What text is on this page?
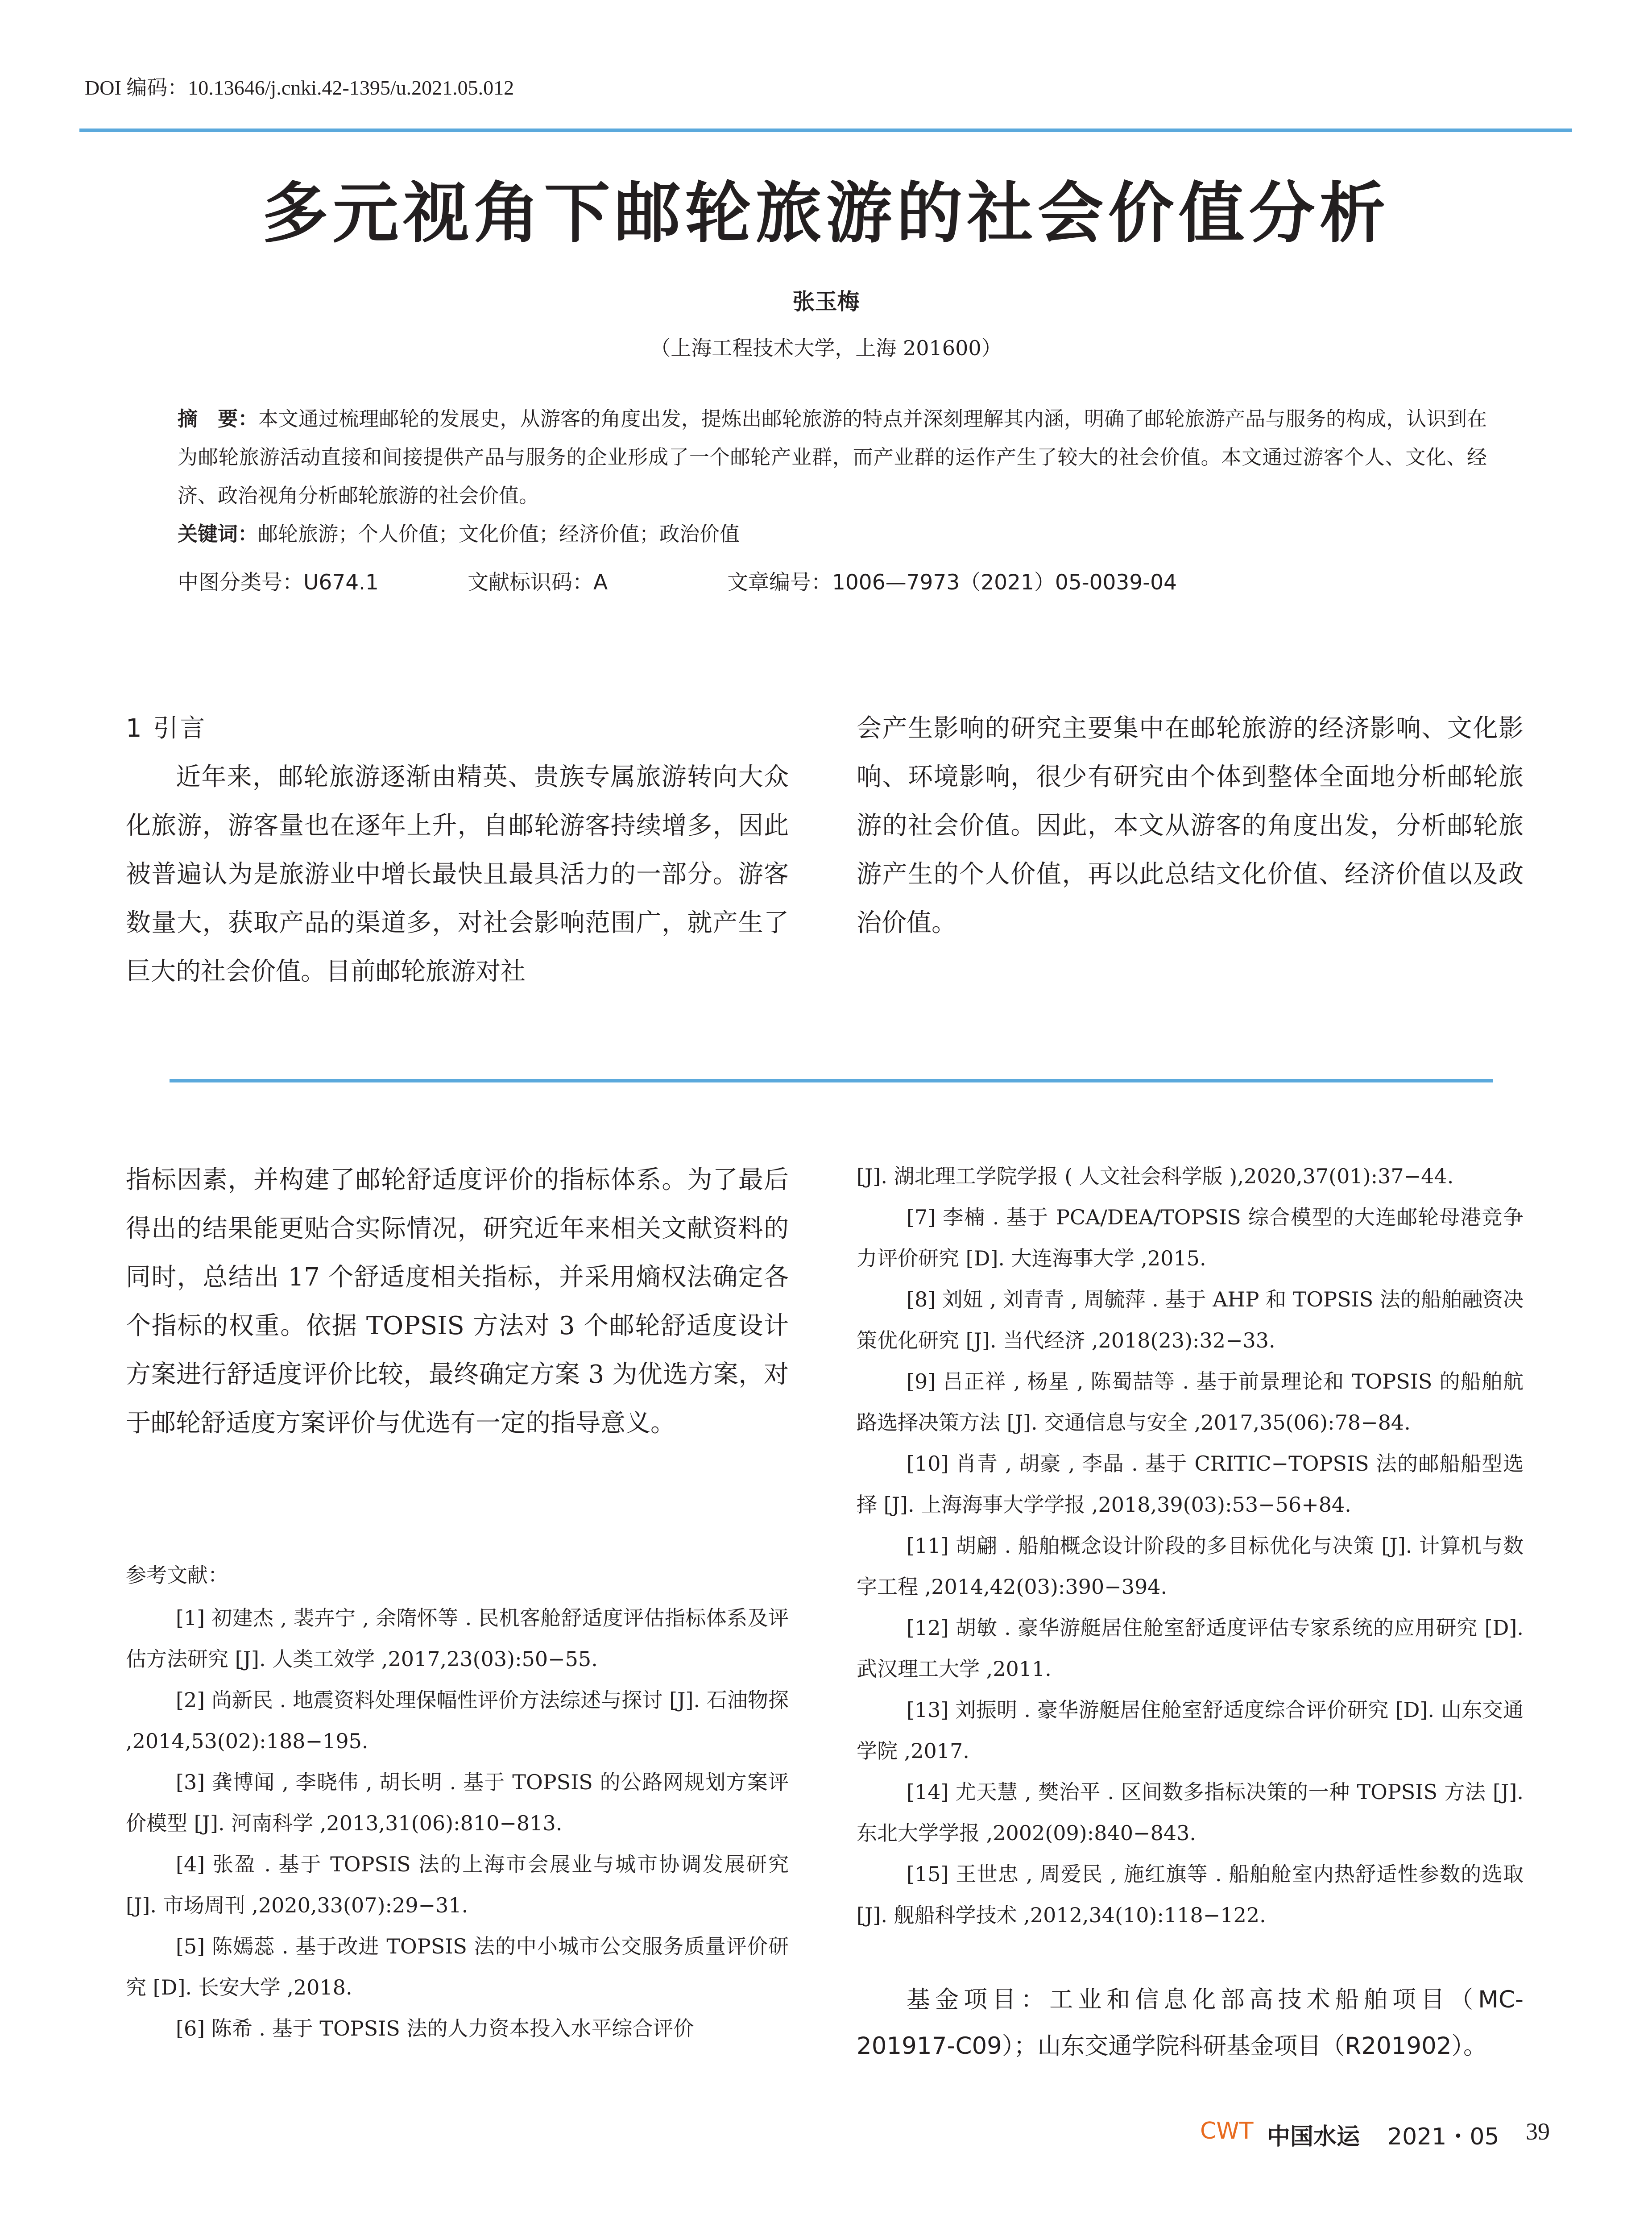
DOI 编码：10.13646/j.cnki.42-1395/u.2021.05.012
多元视角下邮轮旅游的社会价值分析
张玉梅
（上海工程技术大学，上海 201600）
摘　要：本文通过梳理邮轮的发展史，从游客的角度出发，提炼出邮轮旅游的特点并深刻理解其内涵，明确了邮轮旅游产品与服务的构成，认识到在为邮轮旅游活动直接和间接提供产品与服务的企业形成了一个邮轮产业群，而产业群的运作产生了较大的社会价值。本文通过游客个人、文化、经济、政治视角分析邮轮旅游的社会价值。
关键词：邮轮旅游；个人价值；文化价值；经济价值；政治价值
中图分类号：U674.1	文献标识码：A	文章编号：1006—7973（2021）05-0039-04

1 引言

近年来，邮轮旅游逐渐由精英、贵族专属旅游转向大众化旅游，游客量也在逐年上升，自邮轮游客持续增多，因此被普遍认为是旅游业中增长最快且最具活力的一部分。游客数量大，获取产品的渠道多，对社会影响范围广，就产生了巨大的社会价值。目前邮轮旅游对社

会产生影响的研究主要集中在邮轮旅游的经济影响、文化影响、环境影响，很少有研究由个体到整体全面地分析邮轮旅游的社会价值。因此，本文从游客的角度出发，分析邮轮旅游产生的个人价值，再以此总结文化价值、经济价值以及政治价值。

指标因素，并构建了邮轮舒适度评价的指标体系。为了最后得出的结果能更贴合实际情况，研究近年来相关文献资料的同时，总结出 17 个舒适度相关指标，并采用熵权法确定各个指标的权重。依据 TOPSIS 方法对 3 个邮轮舒适度设计方案进行舒适度评价比较，最终确定方案 3 为优选方案，对于邮轮舒适度方案评价与优选有一定的指导意义。

参考文献：

[1] 初建杰 , 裴卉宁 , 余隋怀等 . 民机客舱舒适度评估指标体系及评估方法研究 [J]. 人类工效学 ,2017,23(03):50−55.

[2] 尚新民 . 地震资料处理保幅性评价方法综述与探讨 [J]. 石油物探 ,2014,53(02):188−195.

[3] 龚博闻 , 李晓伟 , 胡长明 . 基于 TOPSIS 的公路网规划方案评价模型 [J]. 河南科学 ,2013,31(06):810−813.

[4] 张盈 . 基于 TOPSIS 法的上海市会展业与城市协调发展研究 [J]. 市场周刊 ,2020,33(07):29−31.

[5] 陈嫣蕊 . 基于改进 TOPSIS 法的中小城市公交服务质量评价研究 [D]. 长安大学 ,2018.

[6] 陈希 . 基于 TOPSIS 法的人力资本投入水平综合评价

[J]. 湖北理工学院学报 ( 人文社会科学版 ),2020,37(01):37−44.

[7] 李楠 . 基于 PCA/DEA/TOPSIS 综合模型的大连邮轮母港竞争力评价研究 [D]. 大连海事大学 ,2015.

[8] 刘妞 , 刘青青 , 周毓萍 . 基于 AHP 和 TOPSIS 法的船舶融资决策优化研究 [J]. 当代经济 ,2018(23):32−33.

[9] 吕正祥 , 杨星 , 陈蜀喆等 . 基于前景理论和 TOPSIS 的船舶航路选择决策方法 [J]. 交通信息与安全 ,2017,35(06):78−84.

[10] 肖青 , 胡豪 , 李晶 . 基于 CRITIC−TOPSIS 法的邮船船型选择 [J]. 上海海事大学学报 ,2018,39(03):53−56+84.

[11] 胡翩 . 船舶概念设计阶段的多目标优化与决策 [J]. 计算机与数字工程 ,2014,42(03):390−394.

[12] 胡敏 . 豪华游艇居住舱室舒适度评估专家系统的应用研究 [D]. 武汉理工大学 ,2011.

[13] 刘振明 . 豪华游艇居住舱室舒适度综合评价研究 [D]. 山东交通学院 ,2017.

[14] 尤天慧 , 樊治平 . 区间数多指标决策的一种 TOPSIS 方法 [J]. 东北大学学报 ,2002(09):840−843.

[15] 王世忠 , 周爱民 , 施红旗等 . 船舶舱室内热舒适性参数的选取 [J]. 舰船科学技术 ,2012,34(10):118−122.

基金项目：工业和信息化部高技术船舶项目（MC-201917-C09）；山东交通学院科研基金项目（R201902）。
CWT 中国水运 2021・05 39
